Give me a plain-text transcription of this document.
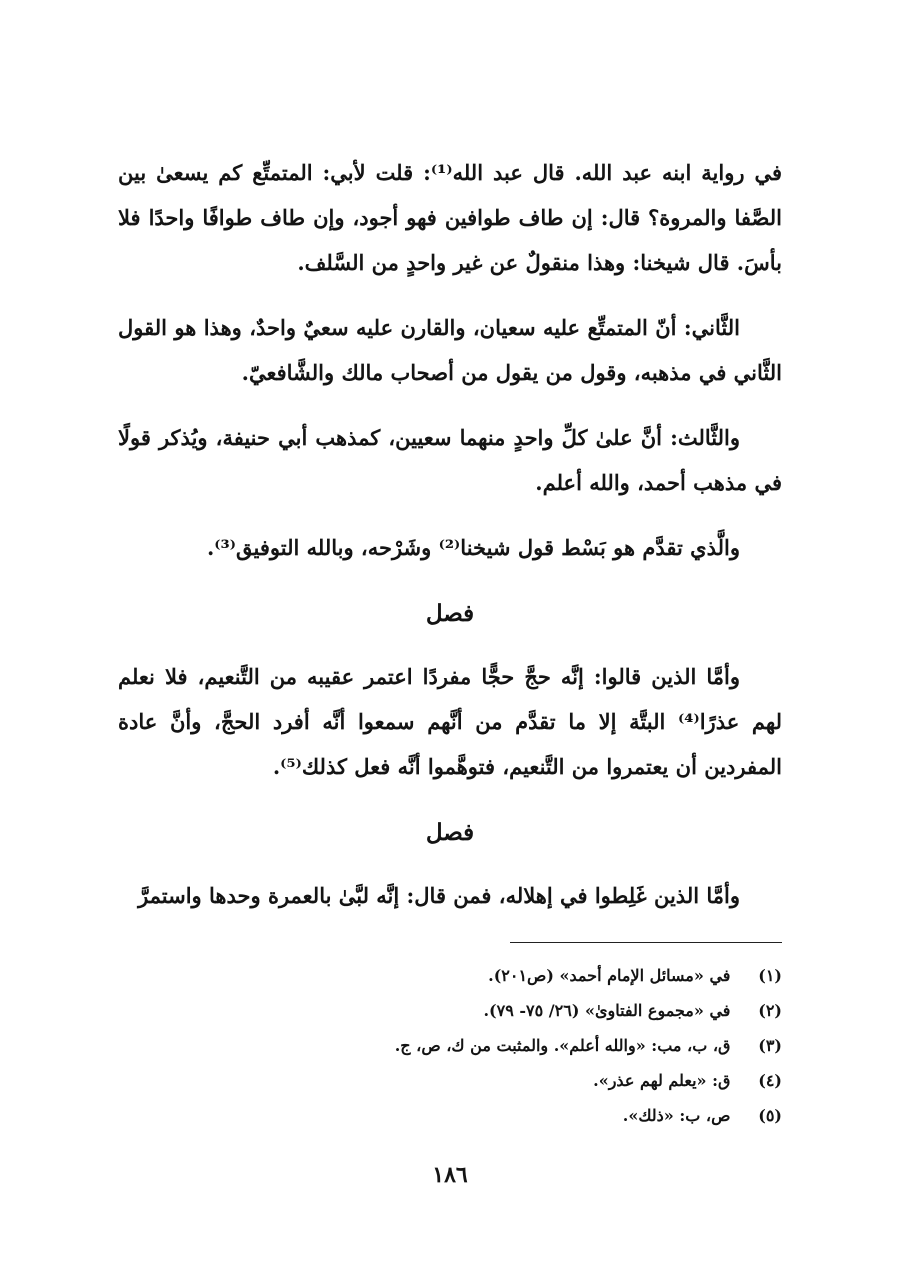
في رواية ابنه عبد الله. قال عبد الله⁽¹⁾: قلت لأبي: المتمتِّع كم يسعىٰ بين الصَّفا والمروة؟ قال: إن طاف طوافين فهو أجود، وإن طاف طوافًا واحدًا فلا بأسَ. قال شيخنا: وهذا منقولٌ عن غير واحدٍ من السَّلف.

الثَّاني: أنّ المتمتِّع عليه سعيان، والقارن عليه سعيٌ واحدٌ، وهذا هو القول الثَّاني في مذهبه، وقول من يقول من أصحاب مالك والشَّافعيّ.

والثَّالث: أنَّ علىٰ كلِّ واحدٍ منهما سعيين، كمذهب أبي حنيفة، ويُذكر قولًا في مذهب أحمد، والله أعلم.

والَّذي تقدَّم هو بَسْط قول شيخنا⁽²⁾ وشَرْحه، وبالله التوفيق⁽³⁾.

فصل

وأمَّا الذين قالوا: إنَّه حجَّ حجًّا مفردًا اعتمر عقيبه من التَّنعيم، فلا نعلم لهم عذرًا⁽⁴⁾ البتَّة إلا ما تقدَّم من أنَّهم سمعوا أنَّه أفرد الحجَّ، وأنَّ عادة المفردين أن يعتمروا من التَّنعيم، فتوهَّموا أنَّه فعل كذلك⁽⁵⁾.

فصل

وأمَّا الذين غَلِطوا في إهلاله، فمن قال: إنَّه لبَّىٰ بالعمرة وحدها واستمرَّ

(١) في «مسائل الإمام أحمد» (ص٢٠١).
(٢) في «مجموع الفتاوىٰ» (٢٦/ ٧٥- ٧٩).
(٣) ق، ب، مب: «والله أعلم». والمثبت من ك، ص، ج.
(٤) ق: «يعلم لهم عذر».
(٥) ص، ب: «ذلك».
١٨٦
